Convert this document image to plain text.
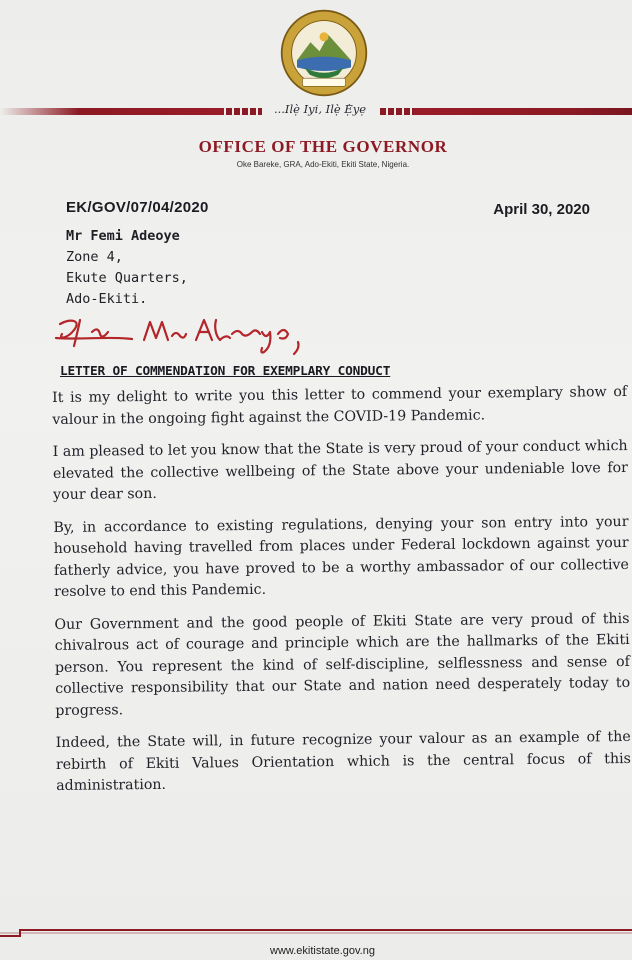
...Ilẹ̀ Iyi, Ilẹ̀ Ẹ̀yẹ
OFFICE OF THE GOVERNOR
Oke Bareke, GRA, Ado-Ekiti, Ekiti State, Nigeria.
EK/GOV/07/04/2020	April 30, 2020
Mr Femi Adeoye
Zone 4,
Ekute Quarters,
Ado-Ekiti.
LETTER OF COMMENDATION FOR EXEMPLARY CONDUCT

It is my delight to write you this letter to commend your exemplary show of valour in the ongoing fight against the COVID-19 Pandemic.

I am pleased to let you know that the State is very proud of your conduct which elevated the collective wellbeing of the State above your undeniable love for your dear son.

By, in accordance to existing regulations, denying your son entry into your household having travelled from places under Federal lockdown against your fatherly advice, you have proved to be a worthy ambassador of our collective resolve to end this Pandemic.

Our Government and the good people of Ekiti State are very proud of this chivalrous act of courage and principle which are the hallmarks of the Ekiti person. You represent the kind of self-discipline, selflessness and sense of collective responsibility that our State and nation need desperately today to progress.

Indeed, the State will, in future recognize your valour as an example of the rebirth of Ekiti Values Orientation which is the central focus of this administration.

www.ekitistate.gov.ng
